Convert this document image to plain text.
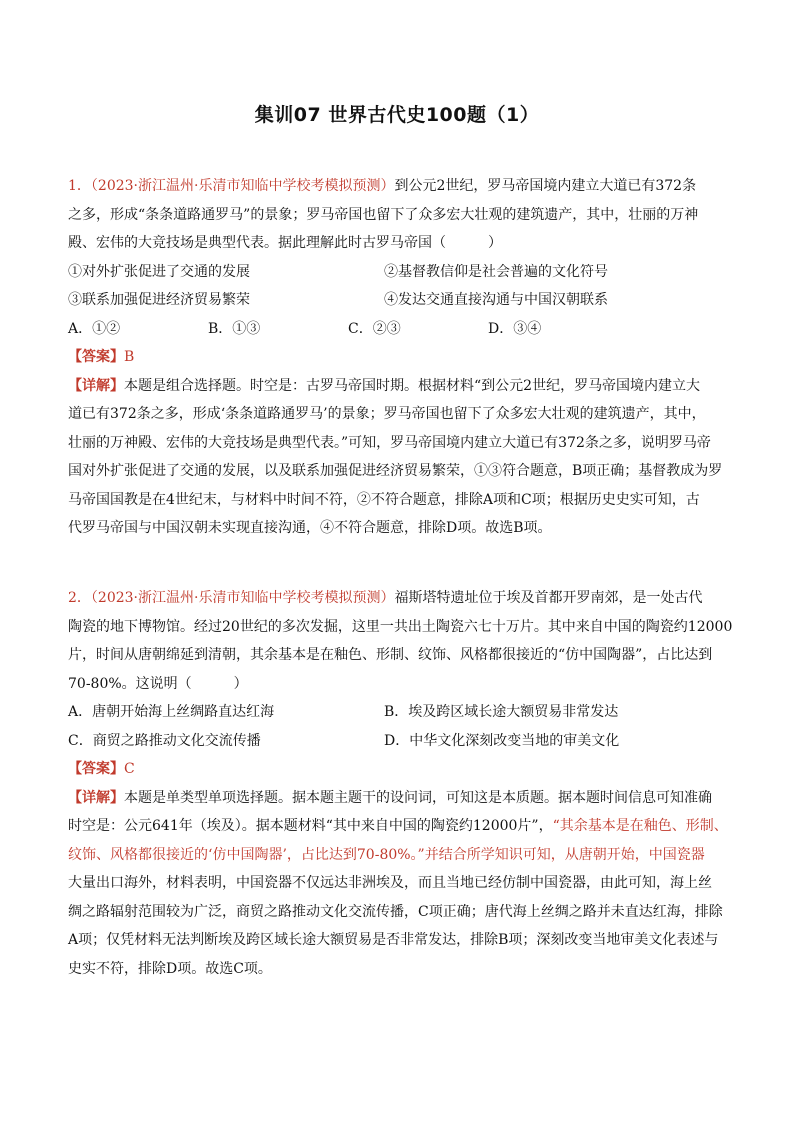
集训07 世界古代史100题（1）
1．（2023·浙江温州·乐清市知临中学校考模拟预测）到公元2世纪，罗马帝国境内建立大道已有372条
之多，形成“条条道路通罗马”的景象；罗马帝国也留下了众多宏大壮观的建筑遗产，其中，壮丽的万神
殿、宏伟的大竞技场是典型代表。据此理解此时古罗马帝国（　　　）
①对外扩张促进了交通的发展	②基督教信仰是社会普遍的文化符号
③联系加强促进经济贸易繁荣	④发达交通直接沟通与中国汉朝联系
A．①②	B．①③	C．②③	D．③④
【答案】B
【详解】本题是组合选择题。时空是：古罗马帝国时期。根据材料“到公元2世纪，罗马帝国境内建立大
道已有372条之多，形成‘条条道路通罗马’的景象；罗马帝国也留下了众多宏大壮观的建筑遗产，其中，
壮丽的万神殿、宏伟的大竞技场是典型代表。”可知，罗马帝国境内建立大道已有372条之多，说明罗马帝
国对外扩张促进了交通的发展，以及联系加强促进经济贸易繁荣，①③符合题意，B项正确；基督教成为罗
马帝国国教是在4世纪末，与材料中时间不符，②不符合题意，排除A项和C项；根据历史史实可知，古
代罗马帝国与中国汉朝未实现直接沟通，④不符合题意，排除D项。故选B项。
2．（2023·浙江温州·乐清市知临中学校考模拟预测）福斯塔特遗址位于埃及首都开罗南郊，是一处古代
陶瓷的地下博物馆。经过20世纪的多次发掘，这里一共出土陶瓷六七十万片。其中来自中国的陶瓷约12000
片，时间从唐朝绵延到清朝，其余基本是在釉色、形制、纹饰、风格都很接近的“仿中国陶器”，占比达到
70-80%。这说明（　　　）
A．唐朝开始海上丝绸路直达红海	B．埃及跨区域长途大额贸易非常发达
C．商贸之路推动文化交流传播	D．中华文化深刻改变当地的审美文化
【答案】C
【详解】本题是单类型单项选择题。据本题主题干的设问词，可知这是本质题。据本题时间信息可知准确
时空是：公元641年（埃及）。据本题材料“其中来自中国的陶瓷约12000片”，“其余基本是在釉色、形制、
纹饰、风格都很接近的‘仿中国陶器’，占比达到70-80%。”并结合所学知识可知，从唐朝开始，中国瓷器
大量出口海外，材料表明，中国瓷器不仅远达非洲埃及，而且当地已经仿制中国瓷器，由此可知，海上丝
绸之路辐射范围较为广泛，商贸之路推动文化交流传播，C项正确；唐代海上丝绸之路并未直达红海，排除
A项；仅凭材料无法判断埃及跨区域长途大额贸易是否非常发达，排除B项；深刻改变当地审美文化表述与
史实不符，排除D项。故选C项。
